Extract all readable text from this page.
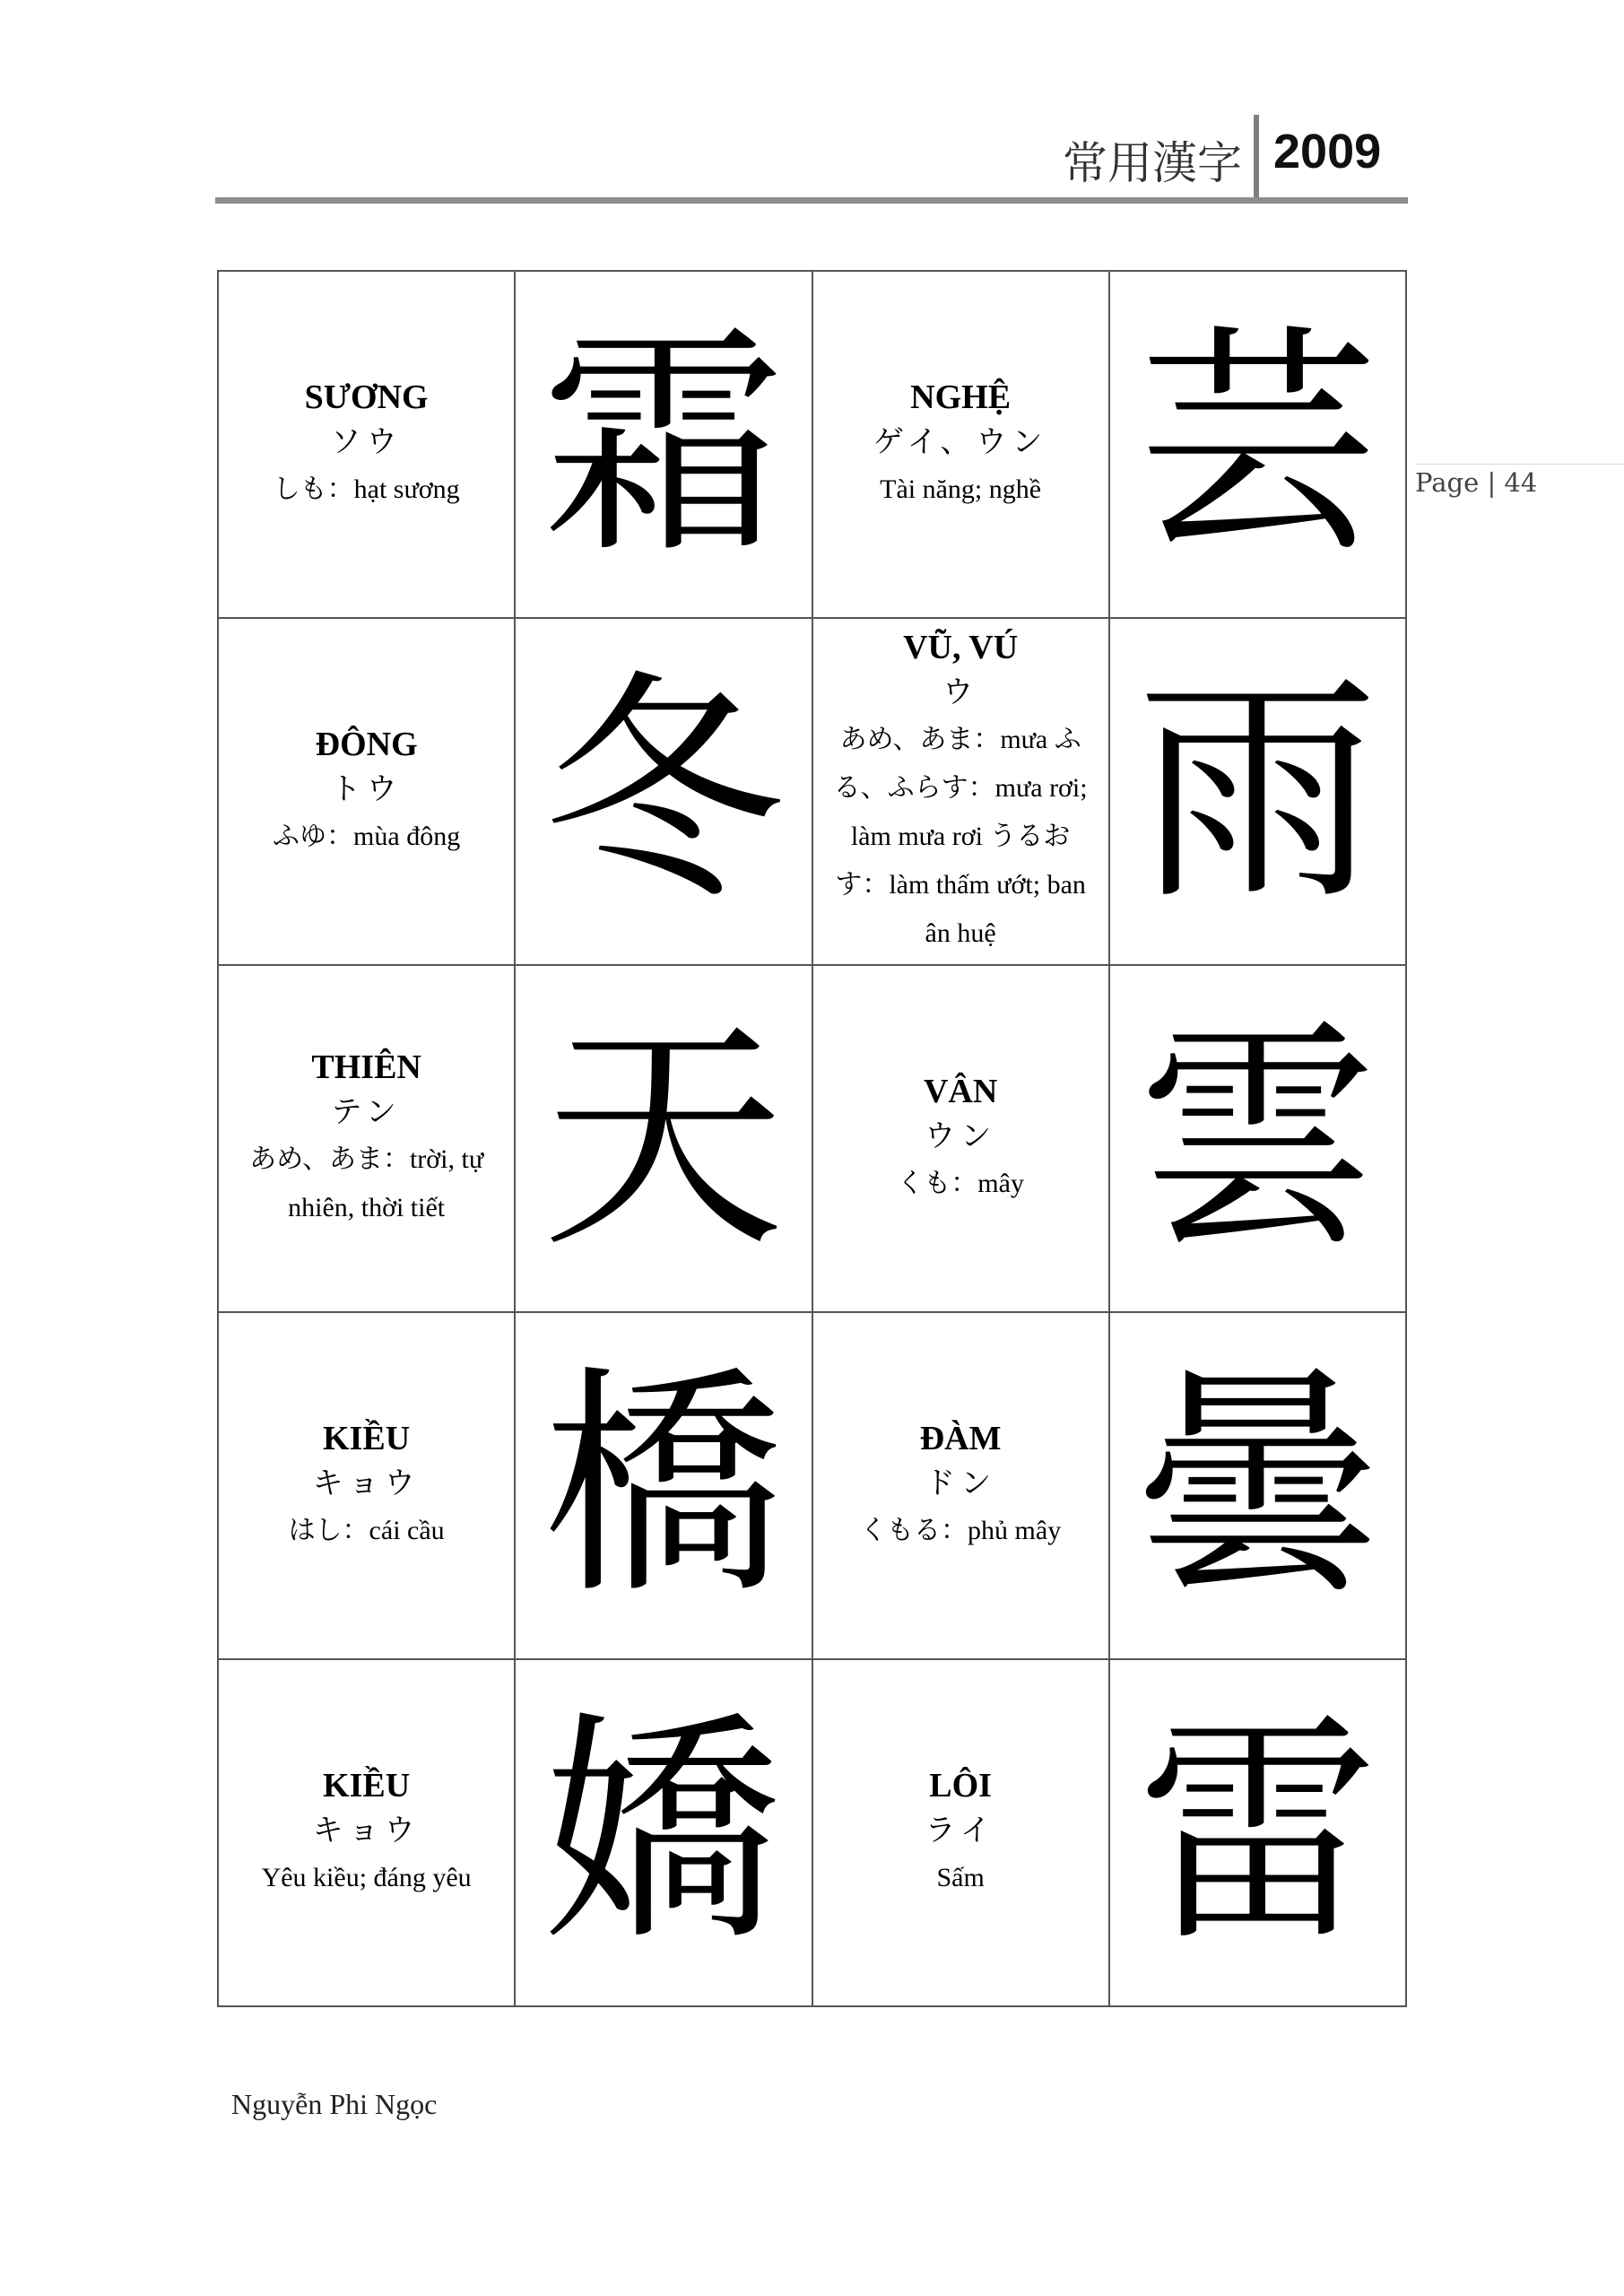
常用漢字 2009
Page | 44
SƯƠNG
ソウ
しも：hạt sương	霜	NGHỆ
ゲイ、ウン
Tài năng; nghề	芸

ĐÔNG
トウ
ふゆ：mùa đông	冬	VŨ, VÚ
ウ
あめ、あま：mưa ふる、ふらす：mưa rơi; làm mưa rơi うるおす：làm thấm ướt; ban ân huệ	雨

THIÊN
テン
あめ、あま：trời, tự nhiên, thời tiết	天	VÂN
ウン
くも：mây	雲

KIỀU
キョウ
はし：cái cầu	橋	ĐÀM
ドン
くもる：phủ mây	曇

KIỀU
キョウ
Yêu kiều; đáng yêu	嬌	LÔI
ライ
Sấm	雷
Nguyễn Phi Ngọc
